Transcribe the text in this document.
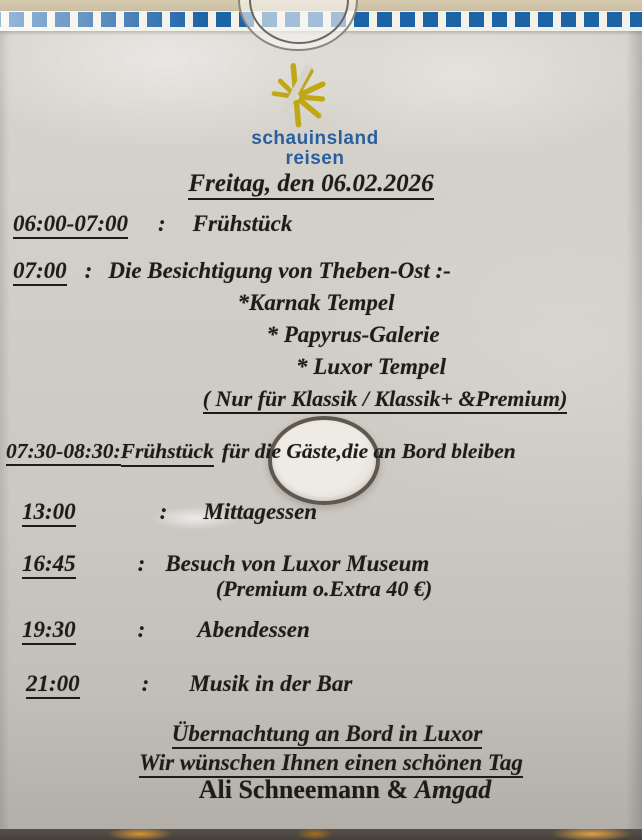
schauinsland
reisen
Freitag, den 06.02.2026
06:00-07:00 : Frühstück
07:00 : Die Besichtigung von Theben-Ost :-
*Karnak Tempel
* Papyrus-Galerie
* Luxor Tempel
( Nur für Klassik / Klassik+ &Premium)
07:30-08:30:Frühstück für die Gäste,die an Bord bleiben
13:00	: Mittagessen
16:45	: Besuch von Luxor Museum
(Premium o.Extra 40 €)
19:30	: Abendessen
21:00	: Musik in der Bar
Übernachtung an Bord in Luxor
Wir wünschen Ihnen einen schönen Tag
Ali Schneemann & Amgad
